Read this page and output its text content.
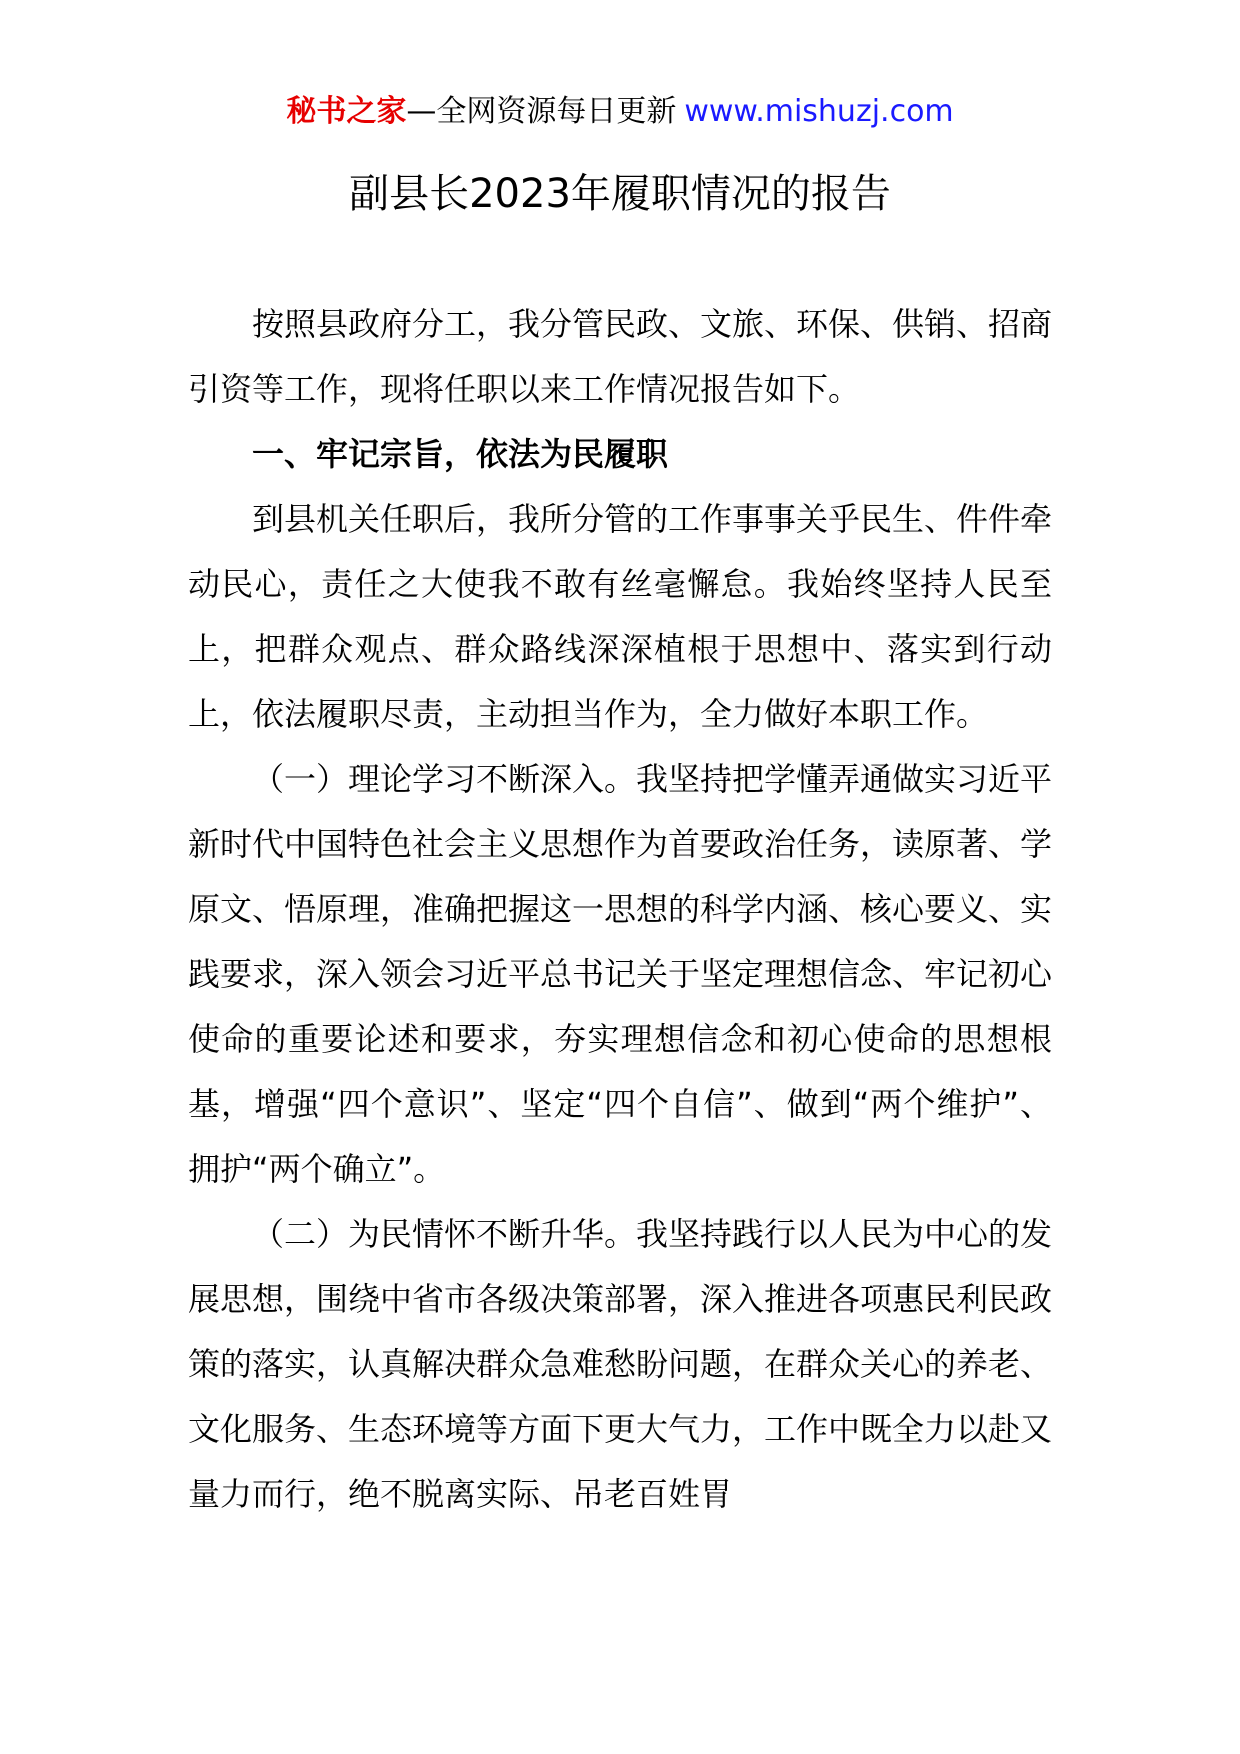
秘书之家—全网资源每日更新 www.mishuzj.com
副县长2023年履职情况的报告

按照县政府分工，我分管民政、文旅、环保、供销、招商引资等工作，现将任职以来工作情况报告如下。

一、牢记宗旨，依法为民履职

到县机关任职后，我所分管的工作事事关乎民生、件件牵动民心，责任之大使我不敢有丝毫懈怠。我始终坚持人民至上，把群众观点、群众路线深深植根于思想中、落实到行动上，依法履职尽责，主动担当作为，全力做好本职工作。

（一）理论学习不断深入。我坚持把学懂弄通做实习近平新时代中国特色社会主义思想作为首要政治任务，读原著、学原文、悟原理，准确把握这一思想的科学内涵、核心要义、实践要求，深入领会习近平总书记关于坚定理想信念、牢记初心使命的重要论述和要求，夯实理想信念和初心使命的思想根基，增强“四个意识”、坚定“四个自信”、做到“两个维护”、拥护“两个确立”。

（二）为民情怀不断升华。我坚持践行以人民为中心的发展思想，围绕中省市各级决策部署，深入推进各项惠民利民政策的落实，认真解决群众急难愁盼问题，在群众关心的养老、文化服务、生态环境等方面下更大气力，工作中既全力以赴又量力而行，绝不脱离实际、吊老百姓胃
